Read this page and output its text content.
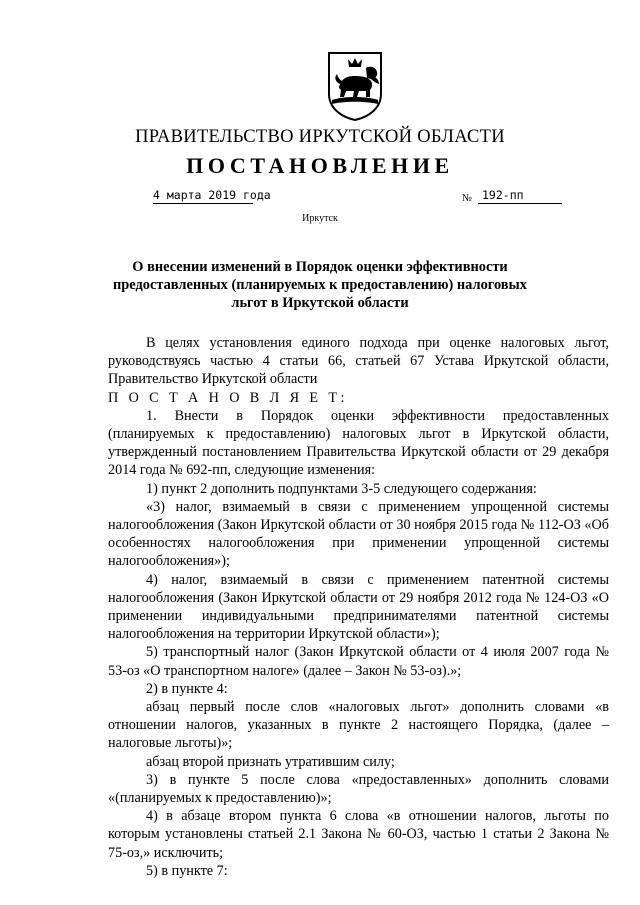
ПРАВИТЕЛЬСТВО ИРКУТСКОЙ ОБЛАСТИ
ПОСТАНОВЛЕНИЕ
4 марта 2019 года	№ 192-пп
Иркутск
О внесении изменений в Порядок оценки эффективности предоставленных (планируемых к предоставлению) налоговых льгот в Иркутской области

В целях установления единого подхода при оценке налоговых льгот, руководствуясь частью 4 статьи 66, статьей 67 Устава Иркутской области, Правительство Иркутской области

П О С Т А Н О В Л Я Е Т:

1. Внести в Порядок оценки эффективности предоставленных (планируемых к предоставлению) налоговых льгот в Иркутской области, утвержденный постановлением Правительства Иркутской области от 29 декабря 2014 года № 692-пп, следующие изменения:

1) пункт 2 дополнить подпунктами 3-5 следующего содержания:

«3) налог, взимаемый в связи с применением упрощенной системы налогообложения (Закон Иркутской области от 30 ноября 2015 года № 112-ОЗ «Об особенностях налогообложения при применении упрощенной системы налогообложения»);

4) налог, взимаемый в связи с применением патентной системы налогообложения (Закон Иркутской области от 29 ноября 2012 года № 124-ОЗ «О применении индивидуальными предпринимателями патентной системы налогообложения на территории Иркутской области»);

5) транспортный налог (Закон Иркутской области от 4 июля 2007 года № 53-оз «О транспортном налоге» (далее – Закон № 53-оз).»;

2) в пункте 4:

абзац первый после слов «налоговых льгот» дополнить словами «в отношении налогов, указанных в пункте 2 настоящего Порядка, (далее – налоговые льготы)»;

абзац второй признать утратившим силу;

3) в пункте 5 после слова «предоставленных» дополнить словами «(планируемых к предоставлению)»;

4) в абзаце втором пункта 6 слова «в отношении налогов, льготы по которым установлены статьей 2.1 Закона № 60-ОЗ, частью 1 статьи 2 Закона № 75-оз,» исключить;

5) в пункте 7:
